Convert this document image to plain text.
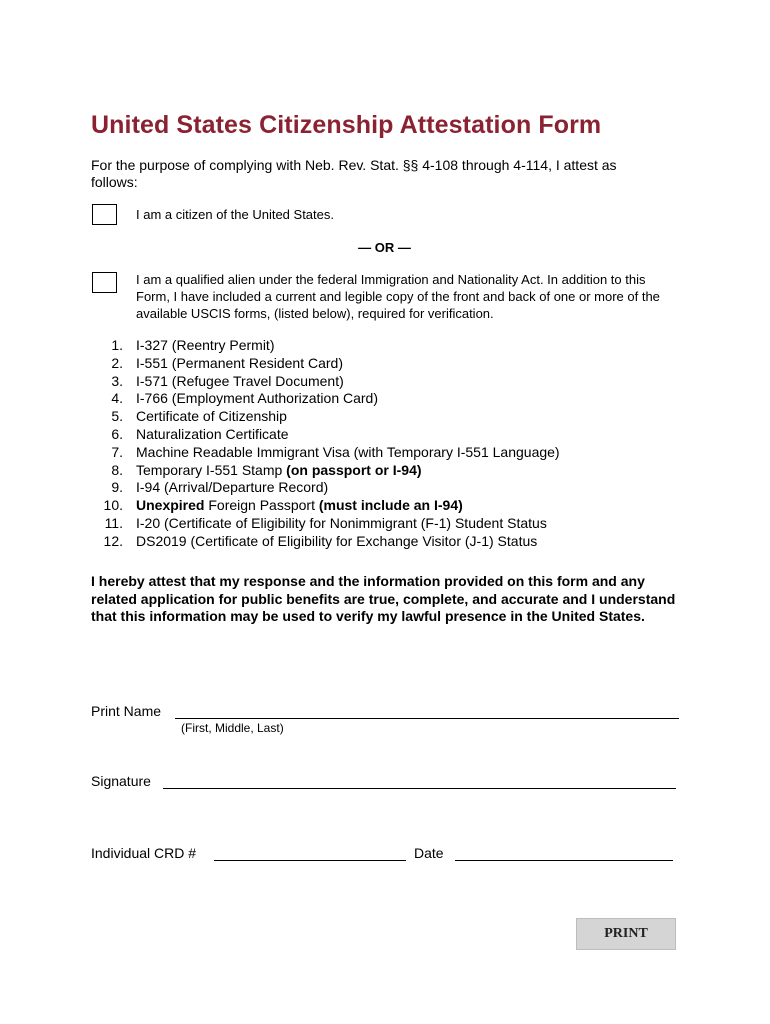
United States Citizenship Attestation Form

For the purpose of complying with Neb. Rev. Stat. §§ 4-108 through 4-114, I attest as follows:

I am a citizen of the United States.

— OR —

I am a qualified alien under the federal Immigration and Nationality Act. In addition to this Form, I have included a current and legible copy of the front and back of one or more of the available USCIS forms, (listed below), required for verification.

1. I-327 (Reentry Permit)
2. I-551 (Permanent Resident Card)
3. I-571 (Refugee Travel Document)
4. I-766 (Employment Authorization Card)
5. Certificate of Citizenship
6. Naturalization Certificate
7. Machine Readable Immigrant Visa (with Temporary I-551 Language)
8. Temporary I-551 Stamp (on passport or I-94)
9. I-94 (Arrival/Departure Record)
10. Unexpired Foreign Passport (must include an I-94)
11. I-20 (Certificate of Eligibility for Nonimmigrant (F-1) Student Status
12. DS2019 (Certificate of Eligibility for Exchange Visitor (J-1) Status

I hereby attest that my response and the information provided on this form and any related application for public benefits are true, complete, and accurate and I understand that this information may be used to verify my lawful presence in the United States.

Print Name
(First, Middle, Last)
Signature
Individual CRD #	Date
PRINT
